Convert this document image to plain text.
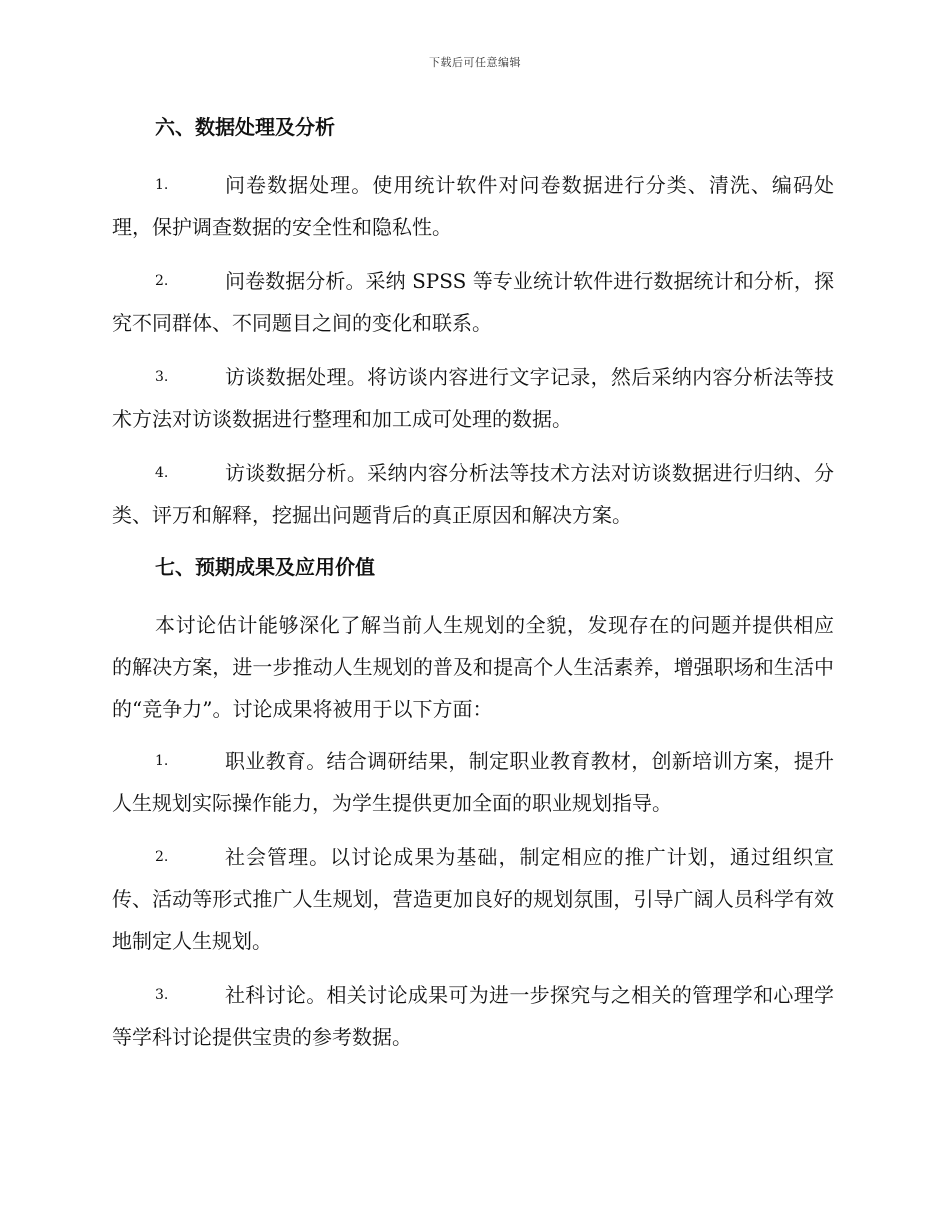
下载后可任意编辑
六、数据处理及分析
1.	问卷数据处理。使用统计软件对问卷数据进行分类、清洗、编码处理，保护调查数据的安全性和隐私性。
2.	问卷数据分析。采纳 SPSS 等专业统计软件进行数据统计和分析，探究不同群体、不同题目之间的变化和联系。
3.	访谈数据处理。将访谈内容进行文字记录，然后采纳内容分析法等技术方法对访谈数据进行整理和加工成可处理的数据。
4.	访谈数据分析。采纳内容分析法等技术方法对访谈数据进行归纳、分类、评万和解释，挖掘出问题背后的真正原因和解决方案。
七、预期成果及应用价值
本讨论估计能够深化了解当前人生规划的全貌，发现存在的问题并提供相应的解决方案，进一步推动人生规划的普及和提高个人生活素养，增强职场和生活中的“竞争力”。讨论成果将被用于以下方面：
1.	职业教育。结合调研结果，制定职业教育教材，创新培训方案，提升人生规划实际操作能力，为学生提供更加全面的职业规划指导。
2.	社会管理。以讨论成果为基础，制定相应的推广计划，通过组织宣传、活动等形式推广人生规划，营造更加良好的规划氛围，引导广阔人员科学有效地制定人生规划。
3.	社科讨论。相关讨论成果可为进一步探究与之相关的管理学和心理学等学科讨论提供宝贵的参考数据。
